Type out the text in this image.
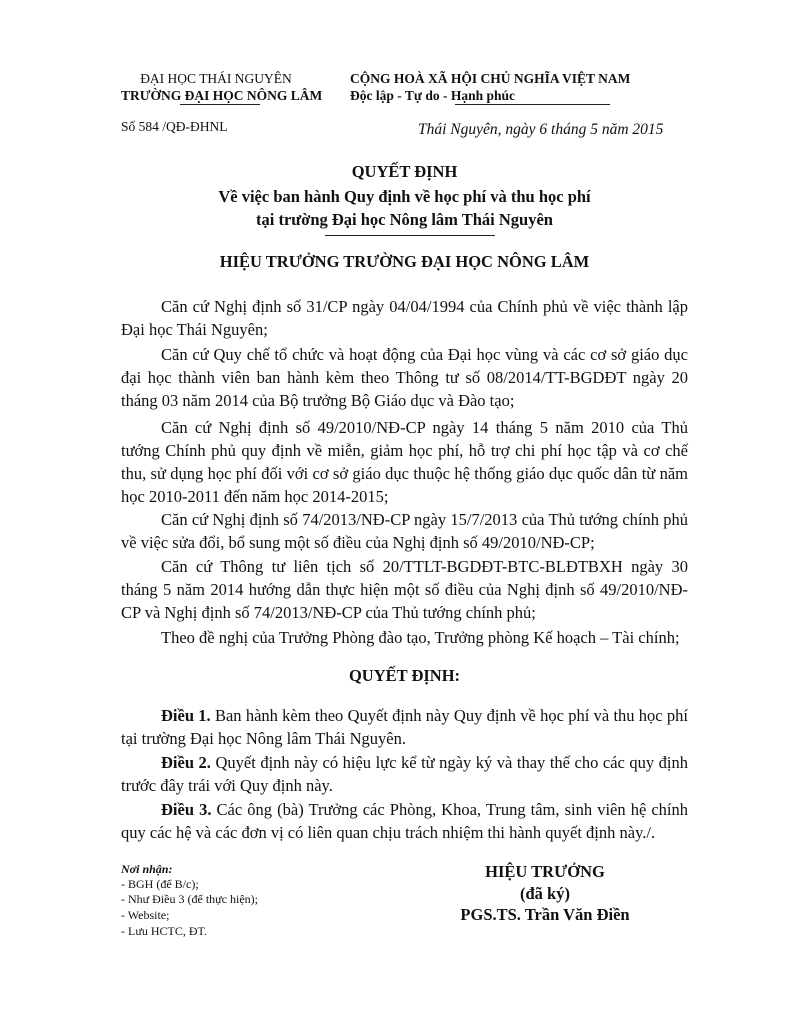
ĐẠI HỌC THÁI NGUYÊN
TRƯỜNG ĐẠI HỌC NÔNG LÂM
Số 584 /QĐ-ĐHNL
CỘNG HOÀ XÃ HỘI CHỦ NGHĨA VIỆT NAM
Độc lập - Tự do - Hạnh phúc
Thái Nguyên, ngày 6 tháng 5 năm 2015
QUYẾT ĐỊNH
Về việc ban hành Quy định về học phí và thu học phí
tại trường Đại học Nông lâm Thái Nguyên
HIỆU TRƯỞNG TRƯỜNG ĐẠI HỌC NÔNG LÂM
Căn cứ Nghị định số 31/CP ngày 04/04/1994 của Chính phủ về việc thành lập Đại học Thái Nguyên;
Căn cứ Quy chế tổ chức và hoạt động của Đại học vùng và các cơ sở giáo dục đại học thành viên ban hành kèm theo Thông tư số 08/2014/TT-BGDĐT ngày 20 tháng 03 năm 2014 của Bộ trưởng Bộ Giáo dục và Đào tạo;
Căn cứ Nghị định số 49/2010/NĐ-CP ngày 14 tháng 5 năm 2010 của Thủ tướng Chính phủ quy định về miễn, giảm học phí, hỗ trợ chi phí học tập và cơ chế thu, sử dụng học phí đối với cơ sở giáo dục thuộc hệ thống giáo dục quốc dân từ năm học 2010-2011 đến năm học 2014-2015;
Căn cứ Nghị định số 74/2013/NĐ-CP ngày 15/7/2013 của Thủ tướng chính phủ về việc sửa đổi, bổ sung một số điều của Nghị định số 49/2010/NĐ-CP;
Căn cứ Thông tư liên tịch số 20/TTLT-BGDĐT-BTC-BLĐTBXH ngày 30 tháng 5 năm 2014 hướng dẫn thực hiện một số điều của Nghị định số 49/2010/NĐ-CP và Nghị định số 74/2013/NĐ-CP của Thủ tướng chính phủ;
Theo đề nghị của Trưởng Phòng đào tạo, Trưởng phòng Kế hoạch – Tài chính;
QUYẾT ĐỊNH:
Điều 1. Ban hành kèm theo Quyết định này Quy định về học phí và thu học phí tại trường Đại học Nông lâm Thái Nguyên.
Điều 2. Quyết định này có hiệu lực kể từ ngày ký và thay thế cho các quy định trước đây trái với Quy định này.
Điều 3. Các ông (bà) Trưởng các Phòng, Khoa, Trung tâm, sinh viên hệ chính quy các hệ và các đơn vị có liên quan chịu trách nhiệm thi hành quyết định này./.
Nơi nhận:
- BGH (để B/c);
- Như Điều 3 (để thực hiện);
- Website;
- Lưu HCTC, ĐT.
HIỆU TRƯỞNG
(đã ký)
PGS.TS. Trần Văn Điền
